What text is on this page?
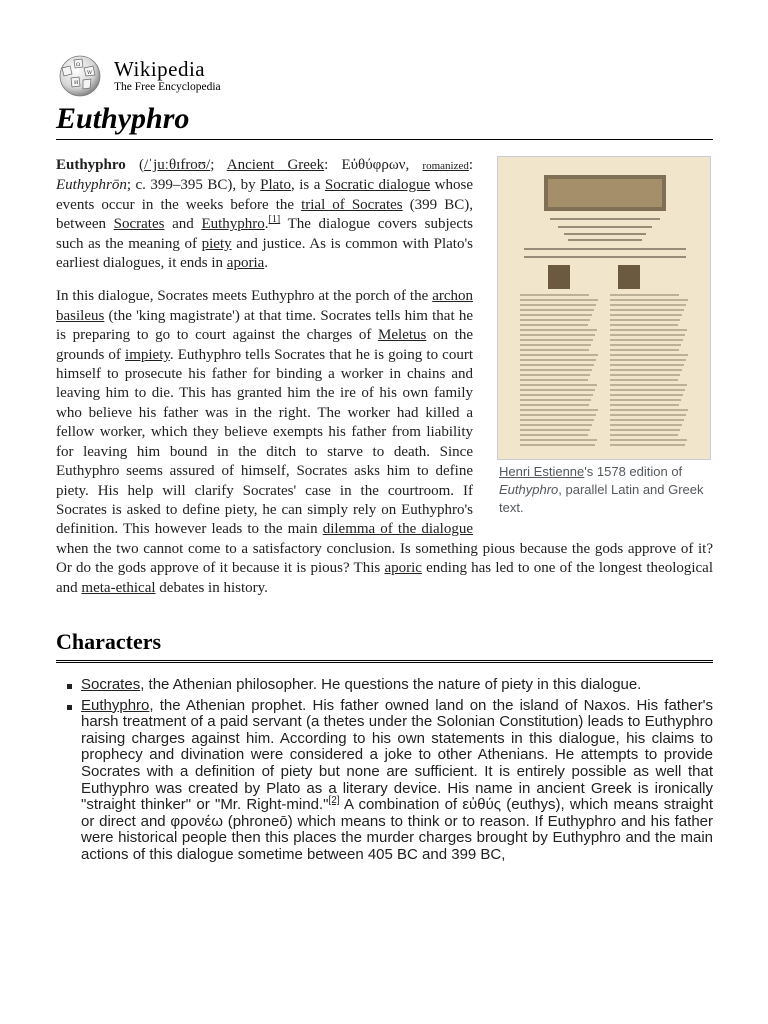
Ω
W
И
Wikipedia
The Free Encyclopedia
Euthyphro
Henri Estienne's 1578 edition of Euthyphro, parallel Latin and Greek text.

Euthyphro (/ˈjuːθɪfroʊ/; Ancient Greek: Εὐθύφρων, romanized: Euthyphrōn; c. 399–395 BC), by Plato, is a Socratic dialogue whose events occur in the weeks before the trial of Socrates (399 BC), between Socrates and Euthyphro.[1] The dialogue covers subjects such as the meaning of piety and justice. As is common with Plato's earliest dialogues, it ends in aporia.

In this dialogue, Socrates meets Euthyphro at the porch of the archon basileus (the 'king magistrate') at that time. Socrates tells him that he is preparing to go to court against the charges of Meletus on the grounds of impiety. Euthyphro tells Socrates that he is going to court himself to prosecute his father for binding a worker in chains and leaving him to die. This has granted him the ire of his own family who believe his father was in the right. The worker had killed a fellow worker, which they believe exempts his father from liability for leaving him bound in the ditch to starve to death. Since Euthyphro seems assured of himself, Socrates asks him to define piety. His help will clarify Socrates' case in the courtroom. If Socrates is asked to define piety, he can simply rely on Euthyphro's definition. This however leads to the main dilemma of the dialogue when the two cannot come to a satisfactory conclusion. Is something pious because the gods approve of it? Or do the gods approve of it because it is pious? This aporic ending has led to one of the longest theological and meta-ethical debates in history.

Characters
Socrates, the Athenian philosopher. He questions the nature of piety in this dialogue.
Euthyphro, the Athenian prophet. His father owned land on the island of Naxos. His father's harsh treatment of a paid servant (a thetes under the Solonian Constitution) leads to Euthyphro raising charges against him. According to his own statements in this dialogue, his claims to prophecy and divination were considered a joke to other Athenians. He attempts to provide Socrates with a definition of piety but none are sufficient. It is entirely possible as well that Euthyphro was created by Plato as a literary device. His name in ancient Greek is ironically "straight thinker" or "Mr. Right-mind."[2] A combination of εὐθύς (euthys), which means straight or direct and φρονέω (phroneō) which means to think or to reason. If Euthyphro and his father were historical people then this places the murder charges brought by Euthyphro and the main actions of this dialogue sometime between 405 BC and 399 BC,
